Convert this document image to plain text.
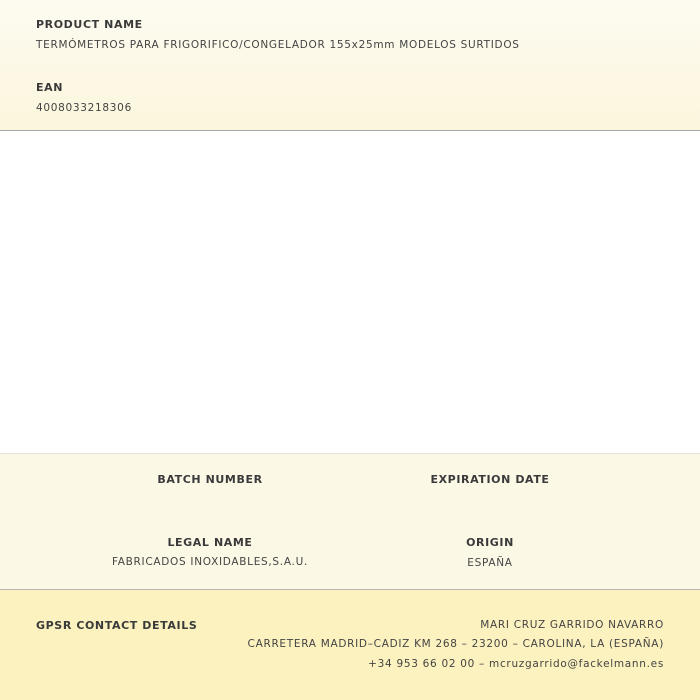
PRODUCT NAME
TERMÓMETROS PARA FRIGORIFICO/CONGELADOR 155x25mm MODELOS SURTIDOS
EAN
4008033218306
BATCH NUMBER	EXPIRATION DATE
LEGAL NAME
FABRICADOS INOXIDABLES,S.A.U.
ORIGIN
ESPAÑA
GPSR CONTACT DETAILS	MARI CRUZ GARRIDO NAVARRO
CARRETERA MADRID–CADIZ KM 268 – 23200 – CAROLINA, LA (ESPAÑA)
+34 953 66 02 00 – mcruzgarrido@fackelmann.es
